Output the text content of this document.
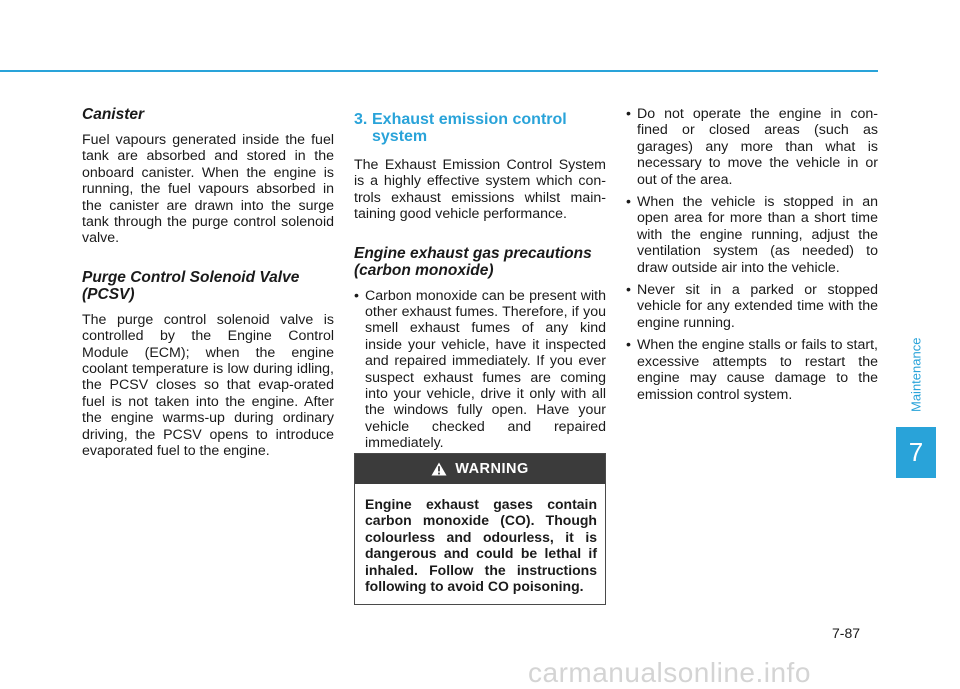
Canister

Fuel vapours generated inside the fuel tank are absorbed and stored in the onboard canister. When the engine is running, the fuel vapours absorbed in the canister are drawn into the surge tank through the purge control solenoid valve.

Purge Control Solenoid Valve (PCSV)

The purge control solenoid valve is controlled by the Engine Control Module (ECM); when the engine coolant temperature is low during idling, the PCSV closes so that evap-orated fuel is not taken into the engine. After the engine warms-up during ordinary driving, the PCSV opens to introduce evaporated fuel to the engine.

3. Exhaust emission control system

The Exhaust Emission Control System is a highly effective system which con-trols exhaust emissions whilst main-taining good vehicle performance.

Engine exhaust gas precautions (carbon monoxide)
• Carbon monoxide can be present with other exhaust fumes. Therefore, if you smell exhaust fumes of any kind inside your vehicle, have it inspected and repaired immediately. If you ever suspect exhaust fumes are coming into your vehicle, drive it only with all the windows fully open. Have your vehicle checked and repaired immediately.
WARNING
Engine exhaust gases contain carbon monoxide (CO). Though colourless and odourless, it is dangerous and could be lethal if inhaled. Follow the instructions following to avoid CO poisoning.
• Do not operate the engine in con-fined or closed areas (such as garages) any more than what is necessary to move the vehicle in or out of the area.
• When the vehicle is stopped in an open area for more than a short time with the engine running, adjust the ventilation system (as needed) to draw outside air into the vehicle.
• Never sit in a parked or stopped vehicle for any extended time with the engine running.
• When the engine stalls or fails to start, excessive attempts to restart the engine may cause damage to the emission control system.	Maintenance
7
7-87
carmanualsonline.info
